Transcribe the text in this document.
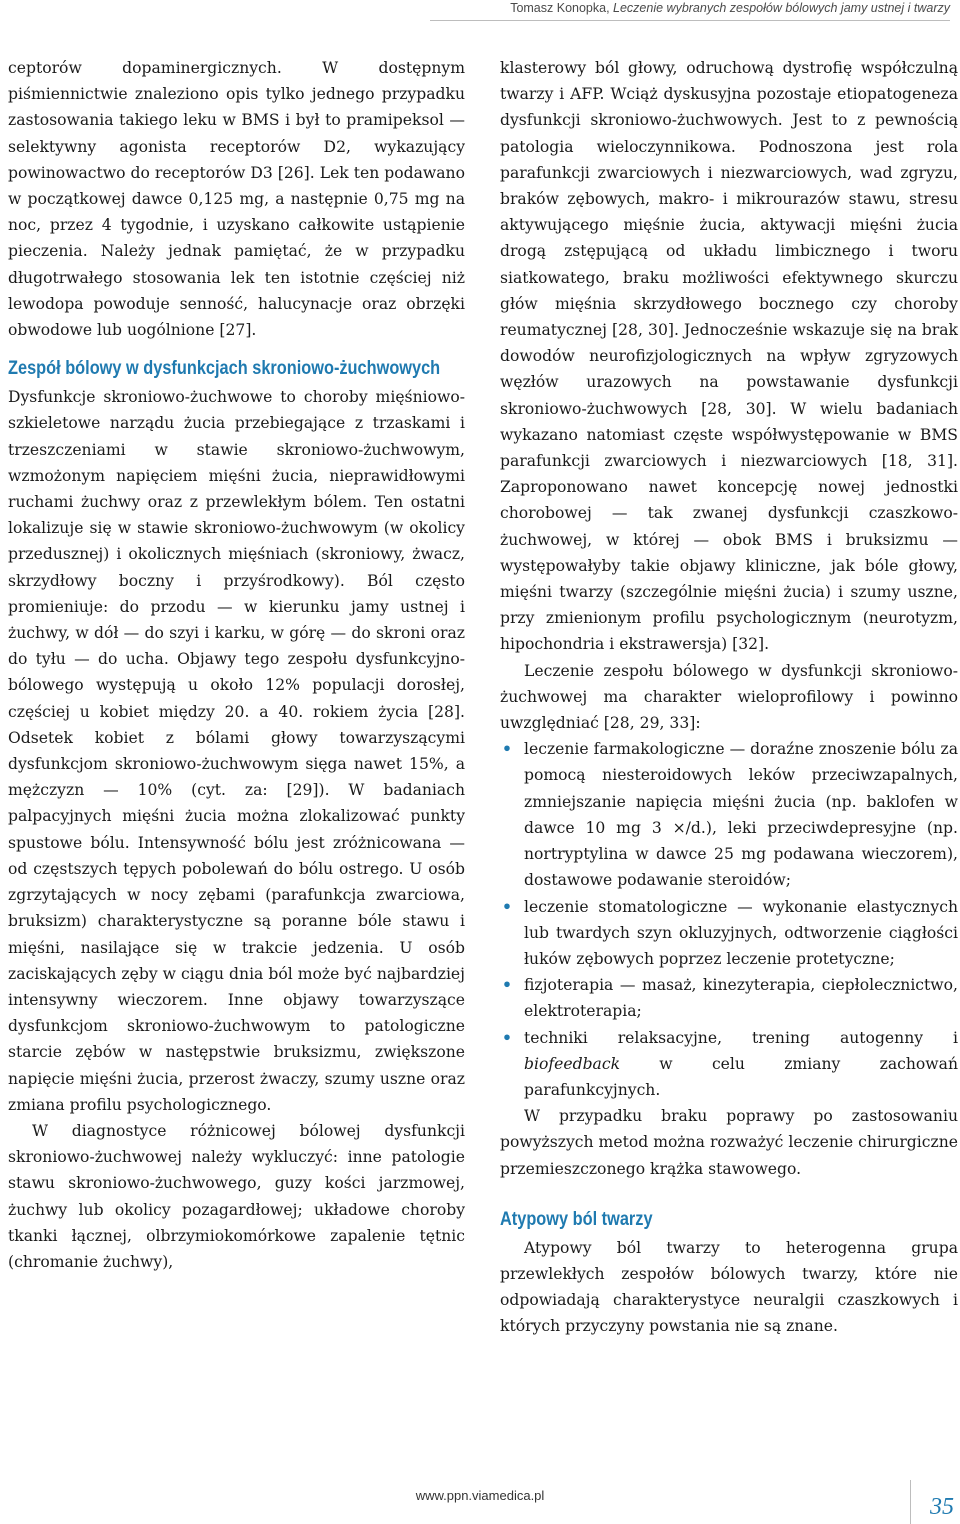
Tomasz Konopka, Leczenie wybranych zespołów bólowych jamy ustnej i twarzy

ceptorów dopaminergicznych. W dostępnym piśmiennictwie znaleziono opis tylko jednego przypadku zastosowania takiego leku w BMS i był to pramipeksol — selektywny agonista receptorów D2, wykazujący powinowactwo do receptorów D3 [26]. Lek ten podawano w początkowej dawce 0,125 mg, a następnie 0,75 mg na noc, przez 4 tygodnie, i uzyskano całkowite ustąpienie pieczenia. Należy jednak pamiętać, że w przypadku długotrwałego stosowania lek ten istotnie częściej niż lewodopa powoduje senność, halucynacje oraz obrzęki obwodowe lub uogólnione [27].

Zespół bólowy w dysfunkcjach skroniowo-żuchwowych

Dysfunkcje skroniowo-żuchwowe to choroby mięśniowo-szkieletowe narządu żucia przebiegające z trzaskami i trzeszczeniami w stawie skroniowo-żuchwowym, wzmożonym napięciem mięśni żucia, nieprawidłowymi ruchami żuchwy oraz z przewlekłym bólem. Ten ostatni lokalizuje się w stawie skroniowo-żuchwowym (w okolicy przedusznej) i okolicznych mięśniach (skroniowy, żwacz, skrzydłowy boczny i przyśrodkowy). Ból często promieniuje: do przodu — w kierunku jamy ustnej i żuchwy, w dół — do szyi i karku, w górę — do skroni oraz do tyłu — do ucha. Objawy tego zespołu dysfunkcyjno-bólowego występują u około 12% populacji dorosłej, częściej u kobiet między 20. a 40. rokiem życia [28]. Odsetek kobiet z bólami głowy towarzyszącymi dysfunkcjom skroniowo-żuchwowym sięga nawet 15%, a mężczyzn — 10% (cyt. za: [29]). W badaniach palpacyjnych mięśni żucia można zlokalizować punkty spustowe bólu. Intensywność bólu jest zróżnicowana — od częstszych tępych pobolewań do bólu ostrego. U osób zgrzytających w nocy zębami (parafunkcja zwarciowa, bruksizm) charakterystyczne są poranne bóle stawu i mięśni, nasilające się w trakcie jedzenia. U osób zaciskających zęby w ciągu dnia ból może być najbardziej intensywny wieczorem. Inne objawy towarzyszące dysfunkcjom skroniowo-żuchwowym to patologiczne starcie zębów w następstwie bruksizmu, zwiększone napięcie mięśni żucia, przerost żwaczy, szumy uszne oraz zmiana profilu psychologicznego.

W diagnostyce różnicowej bólowej dysfunkcji skroniowo-żuchwowej należy wykluczyć: inne patologie stawu skroniowo-żuchwowego, guzy kości jarzmowej, żuchwy lub okolicy pozagardłowej; układowe choroby tkanki łącznej, olbrzymiokomórkowe zapalenie tętnic (chromanie żuchwy),

klasterowy ból głowy, odruchową dystrofię współczulną twarzy i AFP. Wciąż dyskusyjna pozostaje etiopatogeneza dysfunkcji skroniowo-żuchwowych. Jest to z pewnością patologia wieloczynnikowa. Podnoszona jest rola parafunkcji zwarciowych i niezwarciowych, wad zgryzu, braków zębowych, makro- i mikrourazów stawu, stresu aktywującego mięśnie żucia, aktywacji mięśni żucia drogą zstępującą od układu limbicznego i tworu siatkowatego, braku możliwości efektywnego skurczu głów mięśnia skrzydłowego bocznego czy choroby reumatycznej [28, 30]. Jednocześnie wskazuje się na brak dowodów neurofizjologicznych na wpływ zgryzowych węzłów urazowych na powstawanie dysfunkcji skroniowo-żuchwowych [28, 30]. W wielu badaniach wykazano natomiast częste współwystępowanie w BMS parafunkcji zwarciowych i niezwarciowych [18, 31]. Zaproponowano nawet koncepcję nowej jednostki chorobowej — tak zwanej dysfunkcji czaszkowo-żuchwowej, w której — obok BMS i bruksizmu — występowałyby takie objawy kliniczne, jak bóle głowy, mięśni twarzy (szczególnie mięśni żucia) i szumy uszne, przy zmienionym profilu psychologicznym (neurotyzm, hipochondria i ekstrawersja) [32].

Leczenie zespołu bólowego w dysfunkcji skroniowo-żuchwowej ma charakter wieloprofilowy i powinno uwzględniać [28, 29, 33]:

• leczenie farmakologiczne — doraźne znoszenie bólu za pomocą niesteroidowych leków przeciwzapalnych, zmniejszanie napięcia mięśni żucia (np. baklofen w dawce 10 mg 3 ×/d.), leki przeciwdepresyjne (np. nortryptylina w dawce 25 mg podawana wieczorem), dostawowe podawanie steroidów;
• leczenie stomatologiczne — wykonanie elastycznych lub twardych szyn okluzyjnych, odtworzenie ciągłości łuków zębowych poprzez leczenie protetyczne;
• fizjoterapia — masaż, kinezyterapia, ciepłolecznictwo, elektroterapia;
• techniki relaksacyjne, trening autogenny i biofeedback w celu zmiany zachowań parafunkcyjnych.

W przypadku braku poprawy po zastosowaniu powyższych metod można rozważyć leczenie chirurgiczne przemieszczonego krążka stawowego.

Atypowy ból twarzy

Atypowy ból twarzy to heterogenna grupa przewlekłych zespołów bólowych twarzy, które nie odpowiadają charakterystyce neuralgii czaszkowych i których przyczyny powstania nie są znane.

www.ppn.viamedica.pl	35
